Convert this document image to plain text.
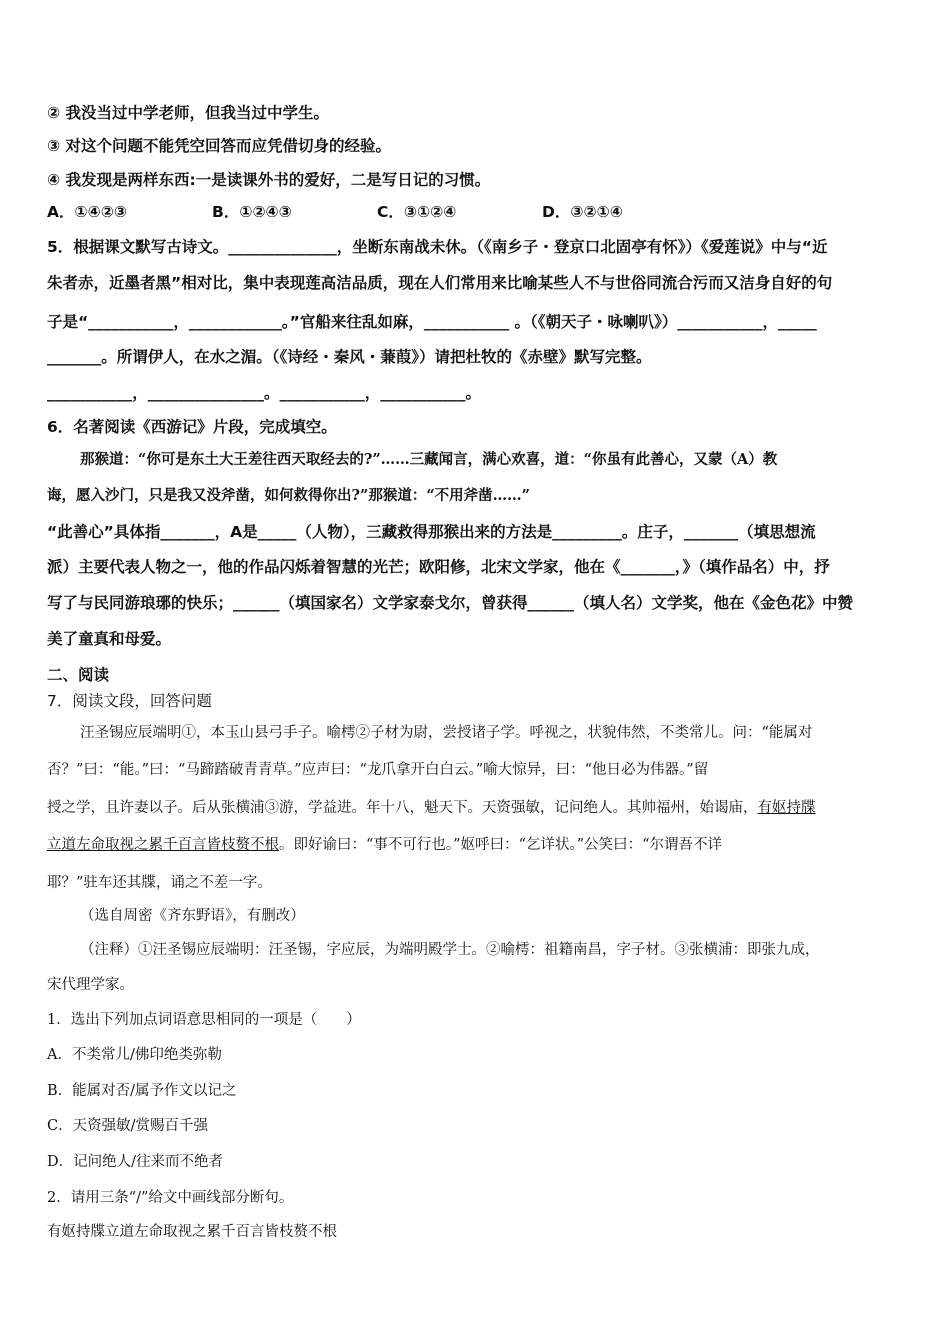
② 我没当过中学老师，但我当过中学生。
③ 对这个问题不能凭空回答而应凭借切身的经验。
④ 我发现是两样东西:一是读课外书的爱好，二是写日记的习惯。
A．①④②③	B．①②④③	C．③①②④	D．③②①④
5．根据课文默写古诗文。______________，坐断东南战未休。（《南乡子・登京口北固亭有怀》）《爱莲说》中与“近
朱者赤，近墨者黑”相对比，集中表现莲高洁品质，现在人们常用来比喻某些人不与世俗同流合污而又洁身自好的句
子是“___________，____________。”官船来往乱如麻，___________ 。（《朝天子・咏喇叭》）___________，_____
_______。所谓伊人，在水之湄。（《诗经・秦风・蒹葭》）请把杜牧的《赤壁》默写完整。
___________，_______________。___________，___________。
6．名著阅读《西游记》片段，完成填空。
那猴道：“你可是东土大王差往西天取经去的?”……三藏闻言，满心欢喜，道：“你虽有此善心，又蒙（A）教
诲，愿入沙门，只是我又没斧凿，如何救得你出?”那猴道：“不用斧凿……”
“此善心”具体指_______，A是_____（人物），三藏救得那猴出来的方法是_________。庄子，_______（填思想流
派）主要代表人物之一，他的作品闪烁着智慧的光芒；欧阳修，北宋文学家，他在《_______，》（填作品名）中，抒
写了与民同游琅琊的快乐；______（填国家名）文学家泰戈尔，曾获得______（填人名）文学奖，他在《金色花》中赞
美了童真和母爱。
二、阅读
7．阅读文段，回答问题
汪圣锡应辰端明①，本玉山县弓手子。喻樗②子材为尉，尝授诸子学。呼视之，状貌伟然，不类常儿。问：“能属对
否？”曰：“能。”曰：“马蹄踏破青青草。”应声曰：“龙爪拿开白白云。”喻大惊异，曰：“他日必为伟器。”留
授之学，且许妻以子。后从张横浦③游，学益进。年十八，魁天下。天资强敏，记问绝人。其帅福州，始谒庙，有妪持牒
立道左命取视之累千百言皆枝赘不根。即好谕曰：“事不可行也。”妪呼曰：“乞详状。”公笑曰：“尔谓吾不详
耶？”驻车还其牒，诵之不差一字。
（选自周密《齐东野语》，有删改）
（注释）①汪圣锡应辰端明：汪圣锡，字应辰，为端明殿学士。②喻樗：祖籍南昌，字子材。③张横浦：即张九成，
宋代理学家。
1．选出下列加点词语意思相同的一项是（　　）
A．不类常儿/佛印绝类弥勒
B．能属对否/属予作文以记之
C．天资强敏/赏赐百千强
D．记问绝人/往来而不绝者
2．请用三条“/”给文中画线部分断句。
有妪持牒立道左命取视之累千百言皆枝赘不根
